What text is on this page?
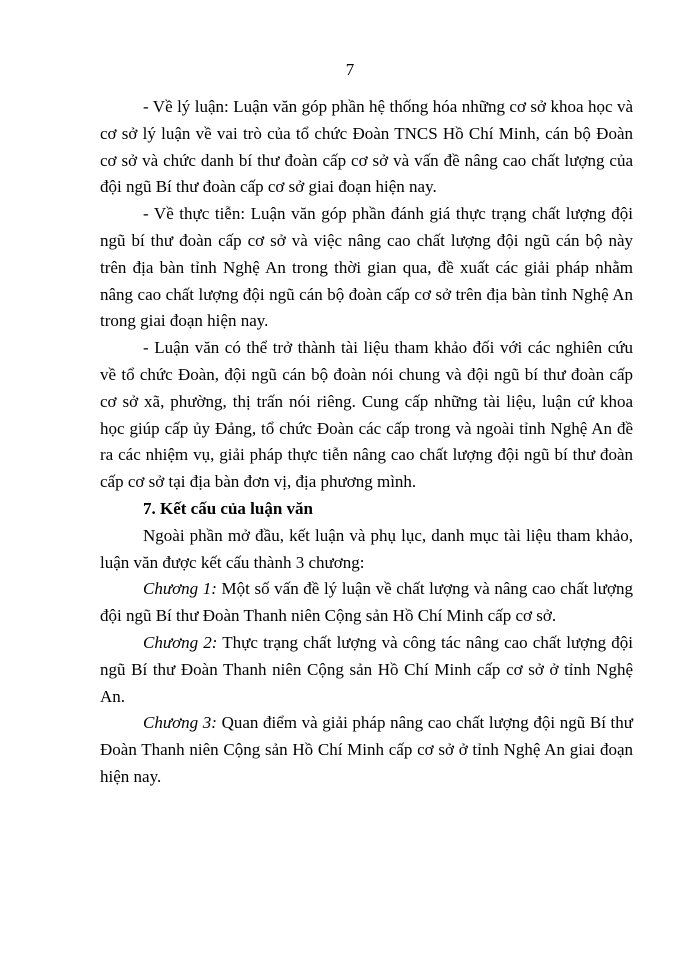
7

- Về lý luận: Luận văn góp phần hệ thống hóa những cơ sở khoa học và cơ sở lý luận về vai trò của tổ chức Đoàn TNCS Hồ Chí Minh, cán bộ Đoàn cơ sở và chức danh bí thư đoàn cấp cơ sở và vấn đề nâng cao chất lượng của đội ngũ Bí thư đoàn cấp cơ sở giai đoạn hiện nay.

- Về thực tiễn: Luận văn góp phần đánh giá thực trạng chất lượng đội ngũ bí thư đoàn cấp cơ sở và việc nâng cao chất lượng đội ngũ cán bộ này trên địa bàn tỉnh Nghệ An trong thời gian qua, đề xuất các giải pháp nhằm nâng cao chất lượng đội ngũ cán bộ đoàn cấp cơ sở trên địa bàn tỉnh Nghệ An trong giai đoạn hiện nay.

- Luận văn có thể trở thành tài liệu tham khảo đối với các nghiên cứu về tổ chức Đoàn, đội ngũ cán bộ đoàn nói chung và đội ngũ bí thư đoàn cấp cơ sở xã, phường, thị trấn nói riêng. Cung cấp những tài liệu, luận cứ khoa học giúp cấp ủy Đảng, tổ chức Đoàn các cấp trong và ngoài tỉnh Nghệ An đề ra các nhiệm vụ, giải pháp thực tiễn nâng cao chất lượng đội ngũ bí thư đoàn cấp cơ sở tại địa bàn đơn vị, địa phương mình.

7. Kết cấu của luận văn

Ngoài phần mở đầu, kết luận và phụ lục, danh mục tài liệu tham khảo, luận văn được kết cấu thành 3 chương:

Chương 1: Một số vấn đề lý luận về chất lượng và nâng cao chất lượng đội ngũ Bí thư Đoàn Thanh niên Cộng sản Hồ Chí Minh cấp cơ sở.

Chương 2: Thực trạng chất lượng và công tác nâng cao chất lượng đội ngũ Bí thư Đoàn Thanh niên Cộng sản Hồ Chí Minh cấp cơ sở ở tỉnh Nghệ An.

Chương 3: Quan điểm và giải pháp nâng cao chất lượng đội ngũ Bí thư Đoàn Thanh niên Cộng sản Hồ Chí Minh cấp cơ sở ở tỉnh Nghệ An giai đoạn hiện nay.
